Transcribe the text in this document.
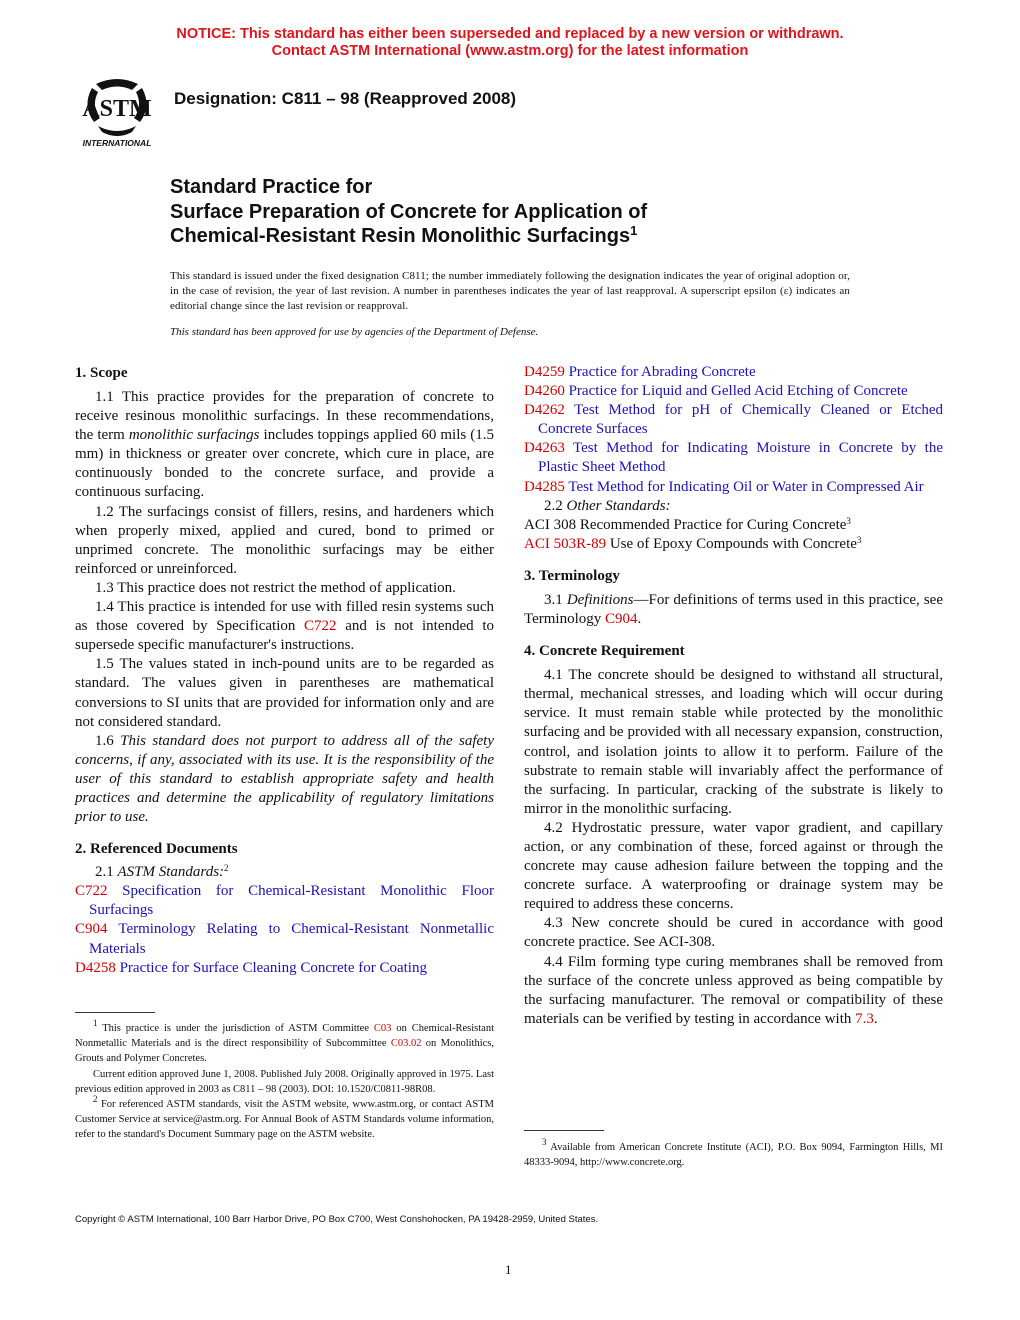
NOTICE: This standard has either been superseded and replaced by a new version or withdrawn.
Contact ASTM International (www.astm.org) for the latest information
ASTM
INTERNATIONAL
Designation: C811 – 98 (Reapproved 2008)
Standard Practice for
Surface Preparation of Concrete for Application of
Chemical-Resistant Resin Monolithic Surfacings$^1$
This standard is issued under the fixed designation C811; the number immediately following the designation indicates the year of original adoption or, in the case of revision, the year of last revision. A number in parentheses indicates the year of last reapproval. A superscript epsilon (ε) indicates an editorial change since the last revision or reapproval.
This standard has been approved for use by agencies of the Department of Defense.
1. Scope

1.1 This practice provides for the preparation of concrete to receive resinous monolithic surfacings. In these recommendations, the term monolithic surfacings includes toppings applied 60 mils (1.5 mm) in thickness or greater over concrete, which cure in place, are continuously bonded to the concrete surface, and provide a continuous surfacing.

1.2 The surfacings consist of fillers, resins, and hardeners which when properly mixed, applied and cured, bond to primed or unprimed concrete. The monolithic surfacings may be either reinforced or unreinforced.

1.3 This practice does not restrict the method of application.

1.4 This practice is intended for use with filled resin systems such as those covered by Specification C722 and is not intended to supersede specific manufacturer's instructions.

1.5 The values stated in inch-pound units are to be regarded as standard. The values given in parentheses are mathematical conversions to SI units that are provided for information only and are not considered standard.

1.6 This standard does not purport to address all of the safety concerns, if any, associated with its use. It is the responsibility of the user of this standard to establish appropriate safety and health practices and determine the applicability of regulatory limitations prior to use.

2. Referenced Documents

2.1 ASTM Standards:$^2$

C722 Specification for Chemical-Resistant Monolithic Floor Surfacings
C904 Terminology Relating to Chemical-Resistant Nonmetallic Materials
D4258 Practice for Surface Cleaning Concrete for Coating
D4259 Practice for Abrading Concrete
D4260 Practice for Liquid and Gelled Acid Etching of Concrete
D4262 Test Method for pH of Chemically Cleaned or Etched Concrete Surfaces
D4263 Test Method for Indicating Moisture in Concrete by the Plastic Sheet Method
D4285 Test Method for Indicating Oil or Water in Compressed Air

2.2 Other Standards:

ACI 308 Recommended Practice for Curing Concrete$^3$
ACI 503R-89 Use of Epoxy Compounds with Concrete$^3$
3. Terminology

3.1 Definitions—For definitions of terms used in this practice, see Terminology C904.

4. Concrete Requirement

4.1 The concrete should be designed to withstand all structural, thermal, mechanical stresses, and loading which will occur during service. It must remain stable while protected by the monolithic surfacing and be provided with all necessary expansion, construction, control, and isolation joints to allow it to perform. Failure of the substrate to remain stable will invariably affect the performance of the surfacing. In particular, cracking of the substrate is likely to mirror in the monolithic surfacing.

4.2 Hydrostatic pressure, water vapor gradient, and capillary action, or any combination of these, forced against or through the concrete may cause adhesion failure between the topping and the concrete surface. A waterproofing or drainage system may be required to address these concerns.

4.3 New concrete should be cured in accordance with good concrete practice. See ACI-308.

4.4 Film forming type curing membranes shall be removed from the surface of the concrete unless approved as being compatible by the surfacing manufacturer. The removal or compatibility of these materials can be verified by testing in accordance with 7.3.

$^1$ This practice is under the jurisdiction of ASTM Committee C03 on Chemical-Resistant Nonmetallic Materials and is the direct responsibility of Subcommittee C03.02 on Monolithics, Grouts and Polymer Concretes.

Current edition approved June 1, 2008. Published July 2008. Originally approved in 1975. Last previous edition approved in 2003 as C811 – 98 (2003). DOI: 10.1520/C0811-98R08.

$^2$ For referenced ASTM standards, visit the ASTM website, www.astm.org, or contact ASTM Customer Service at service@astm.org. For Annual Book of ASTM Standards volume information, refer to the standard's Document Summary page on the ASTM website.

$^3$ Available from American Concrete Institute (ACI), P.O. Box 9094, Farmington Hills, MI 48333-9094, http://www.concrete.org.

Copyright © ASTM International, 100 Barr Harbor Drive, PO Box C700, West Conshohocken, PA 19428-2959, United States.
1
